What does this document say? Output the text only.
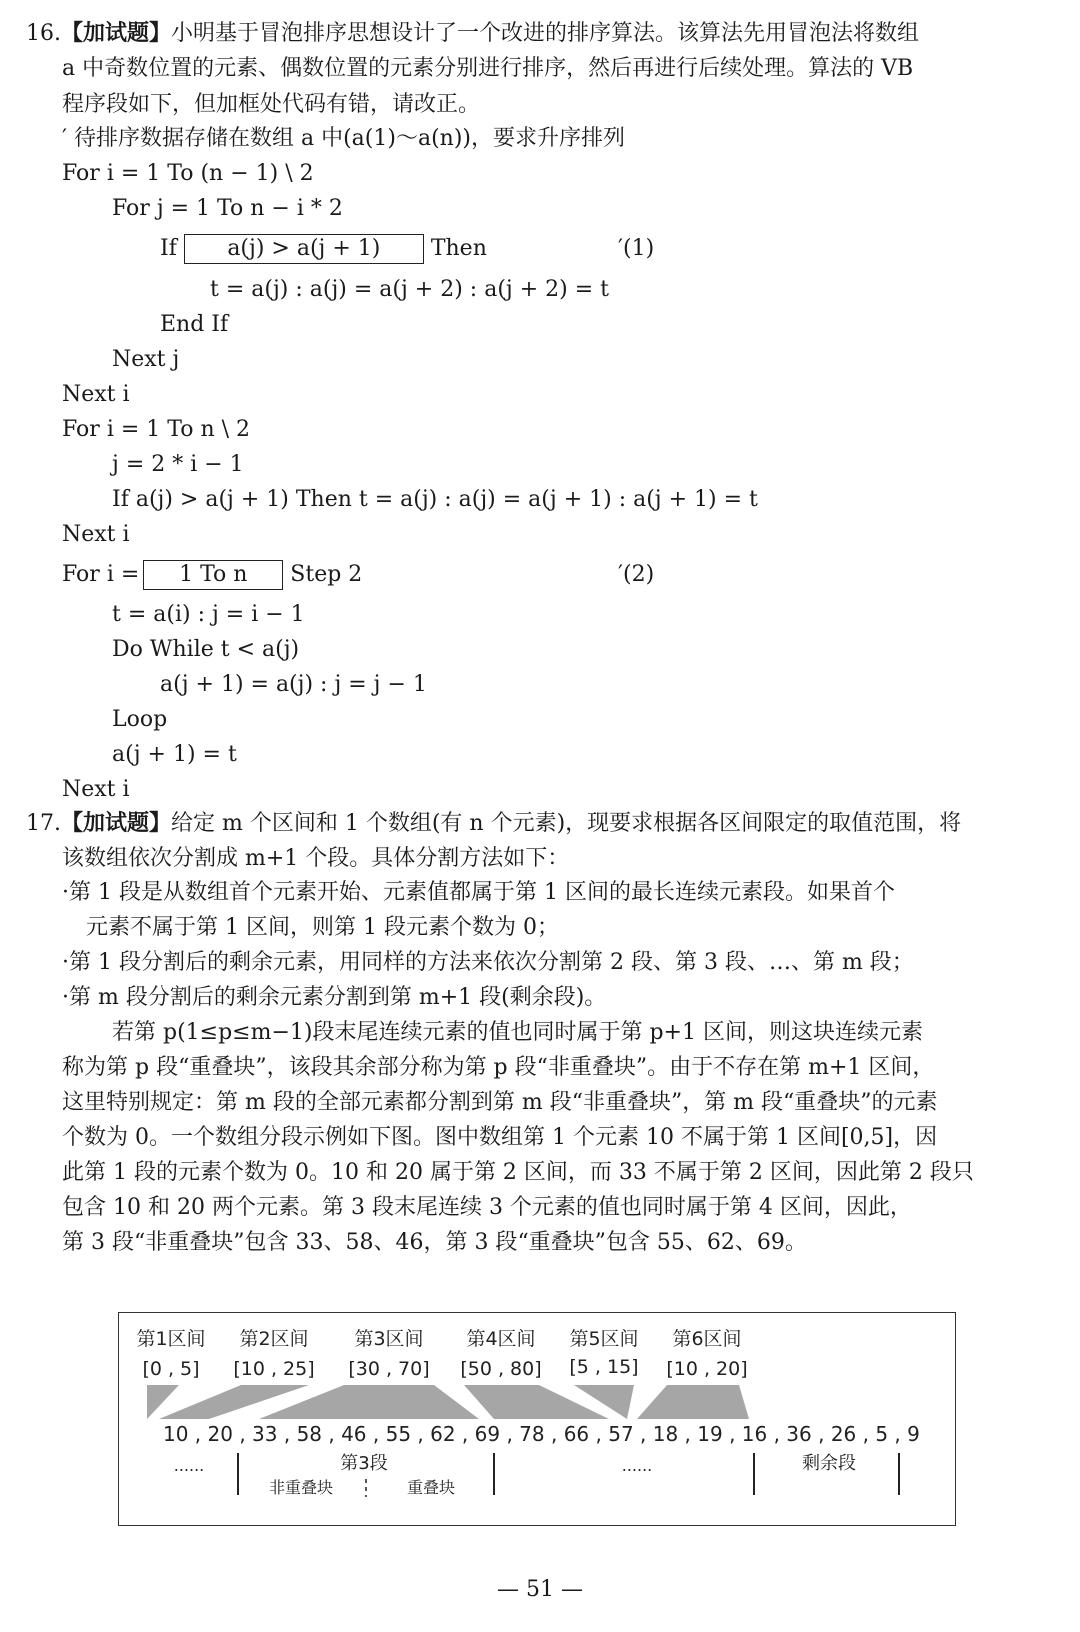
16.【加试题】小明基于冒泡排序思想设计了一个改进的排序算法。该算法先用冒泡法将数组
a 中奇数位置的元素、偶数位置的元素分别进行排序，然后再进行后续处理。算法的 VB
程序段如下，但加框处代码有错，请改正。
′ 待排序数据存储在数组 a 中(a(1)～a(n))，要求升序排列
For i = 1 To (n − 1) \ 2
For j = 1 To n − i * 2
If a(j) > a(j + 1) Then	′(1)
t = a(j) : a(j) = a(j + 2) : a(j + 2) = t
End If
Next j
Next i
For i = 1 To n \ 2
j = 2 * i − 1
If a(j) > a(j + 1) Then t = a(j) : a(j) = a(j + 1) : a(j + 1) = t
Next i
For i = 1 To n Step 2	′(2)
t = a(i) : j = i − 1
Do While t < a(j)
a(j + 1) = a(j) : j = j − 1
Loop
a(j + 1) = t
Next i
17.【加试题】给定 m 个区间和 1 个数组(有 n 个元素)，现要求根据各区间限定的取值范围，将
该数组依次分割成 m+1 个段。具体分割方法如下：
·第 1 段是从数组首个元素开始、元素值都属于第 1 区间的最长连续元素段。如果首个
元素不属于第 1 区间，则第 1 段元素个数为 0；
·第 1 段分割后的剩余元素，用同样的方法来依次分割第 2 段、第 3 段、…、第 m 段；
·第 m 段分割后的剩余元素分割到第 m+1 段(剩余段)。
若第 p(1≤p≤m−1)段末尾连续元素的值也同时属于第 p+1 区间，则这块连续元素
称为第 p 段“重叠块”，该段其余部分称为第 p 段“非重叠块”。由于不存在第 m+1 区间，
这里特别规定：第 m 段的全部元素都分割到第 m 段“非重叠块”，第 m 段“重叠块”的元素
个数为 0。一个数组分段示例如下图。图中数组第 1 个元素 10 不属于第 1 区间[0,5]，因
此第 1 段的元素个数为 0。10 和 20 属于第 2 区间，而 33 不属于第 2 区间，因此第 2 段只
包含 10 和 20 两个元素。第 3 段末尾连续 3 个元素的值也同时属于第 4 区间，因此，
第 3 段“非重叠块”包含 33、58、46，第 3 段“重叠块”包含 55、62、69。
第1区间
[0 , 5]
第2区间
[10 , 25]
第3区间
[30 , 70]
第4区间
[50 , 80]
第5区间
[5 , 15]
第6区间
[10 , 20]
10 , 20 , 33 , 58 , 46 , 55 , 62 , 69 , 78 , 66 , 57 , 18 , 19 , 16 , 36 , 26 , 5 , 9
......	第3段
非重叠块	重叠块
......	剩余段
— 51 —
